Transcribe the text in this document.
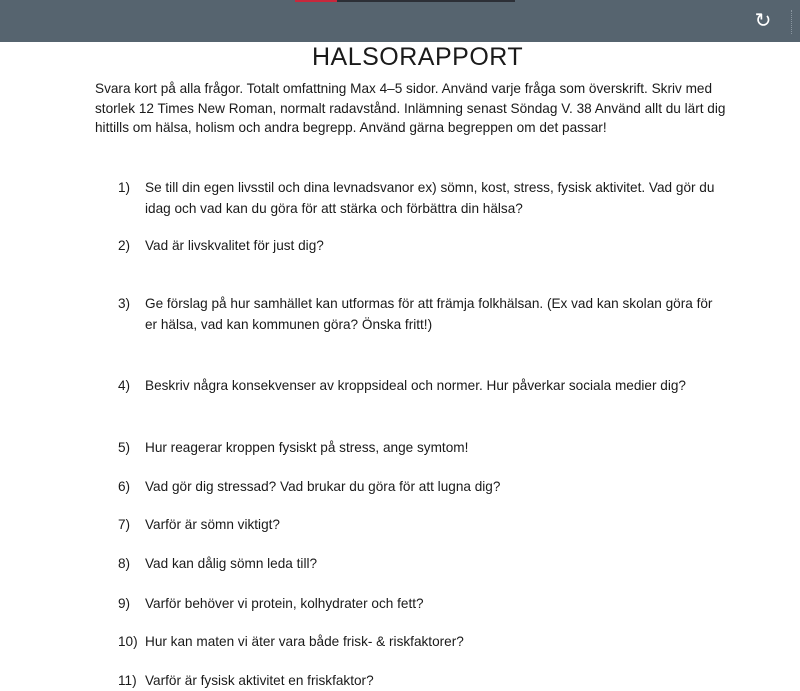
↻
HALSORAPPORT
Svara kort på alla frågor. Totalt omfattning Max 4–5 sidor. Använd varje fråga som överskrift. Skriv med storlek 12 Times New Roman, normalt radavstånd. Inlämning senast Söndag V. 38 Använd allt du lärt dig hittills om hälsa, holism och andra begrepp. Använd gärna begreppen om det passar!
1)	Se till din egen livsstil och dina levnadsvanor ex) sömn, kost, stress, fysisk aktivitet. Vad gör du idag och vad kan du göra för att stärka och förbättra din hälsa?
2)	Vad är livskvalitet för just dig?
3)	Ge förslag på hur samhället kan utformas för att främja folkhälsan. (Ex vad kan skolan göra för er hälsa, vad kan kommunen göra? Önska fritt!)
4)	Beskriv några konsekvenser av kroppsideal och normer. Hur påverkar sociala medier dig?
5)	Hur reagerar kroppen fysiskt på stress, ange symtom!
6)	Vad gör dig stressad? Vad brukar du göra för att lugna dig?
7)	Varför är sömn viktigt?
8)	Vad kan dålig sömn leda till?
9)	Varför behöver vi protein, kolhydrater och fett?
10) Hur kan maten vi äter vara både frisk- & riskfaktorer?
11) Varför är fysisk aktivitet en friskfaktor?
